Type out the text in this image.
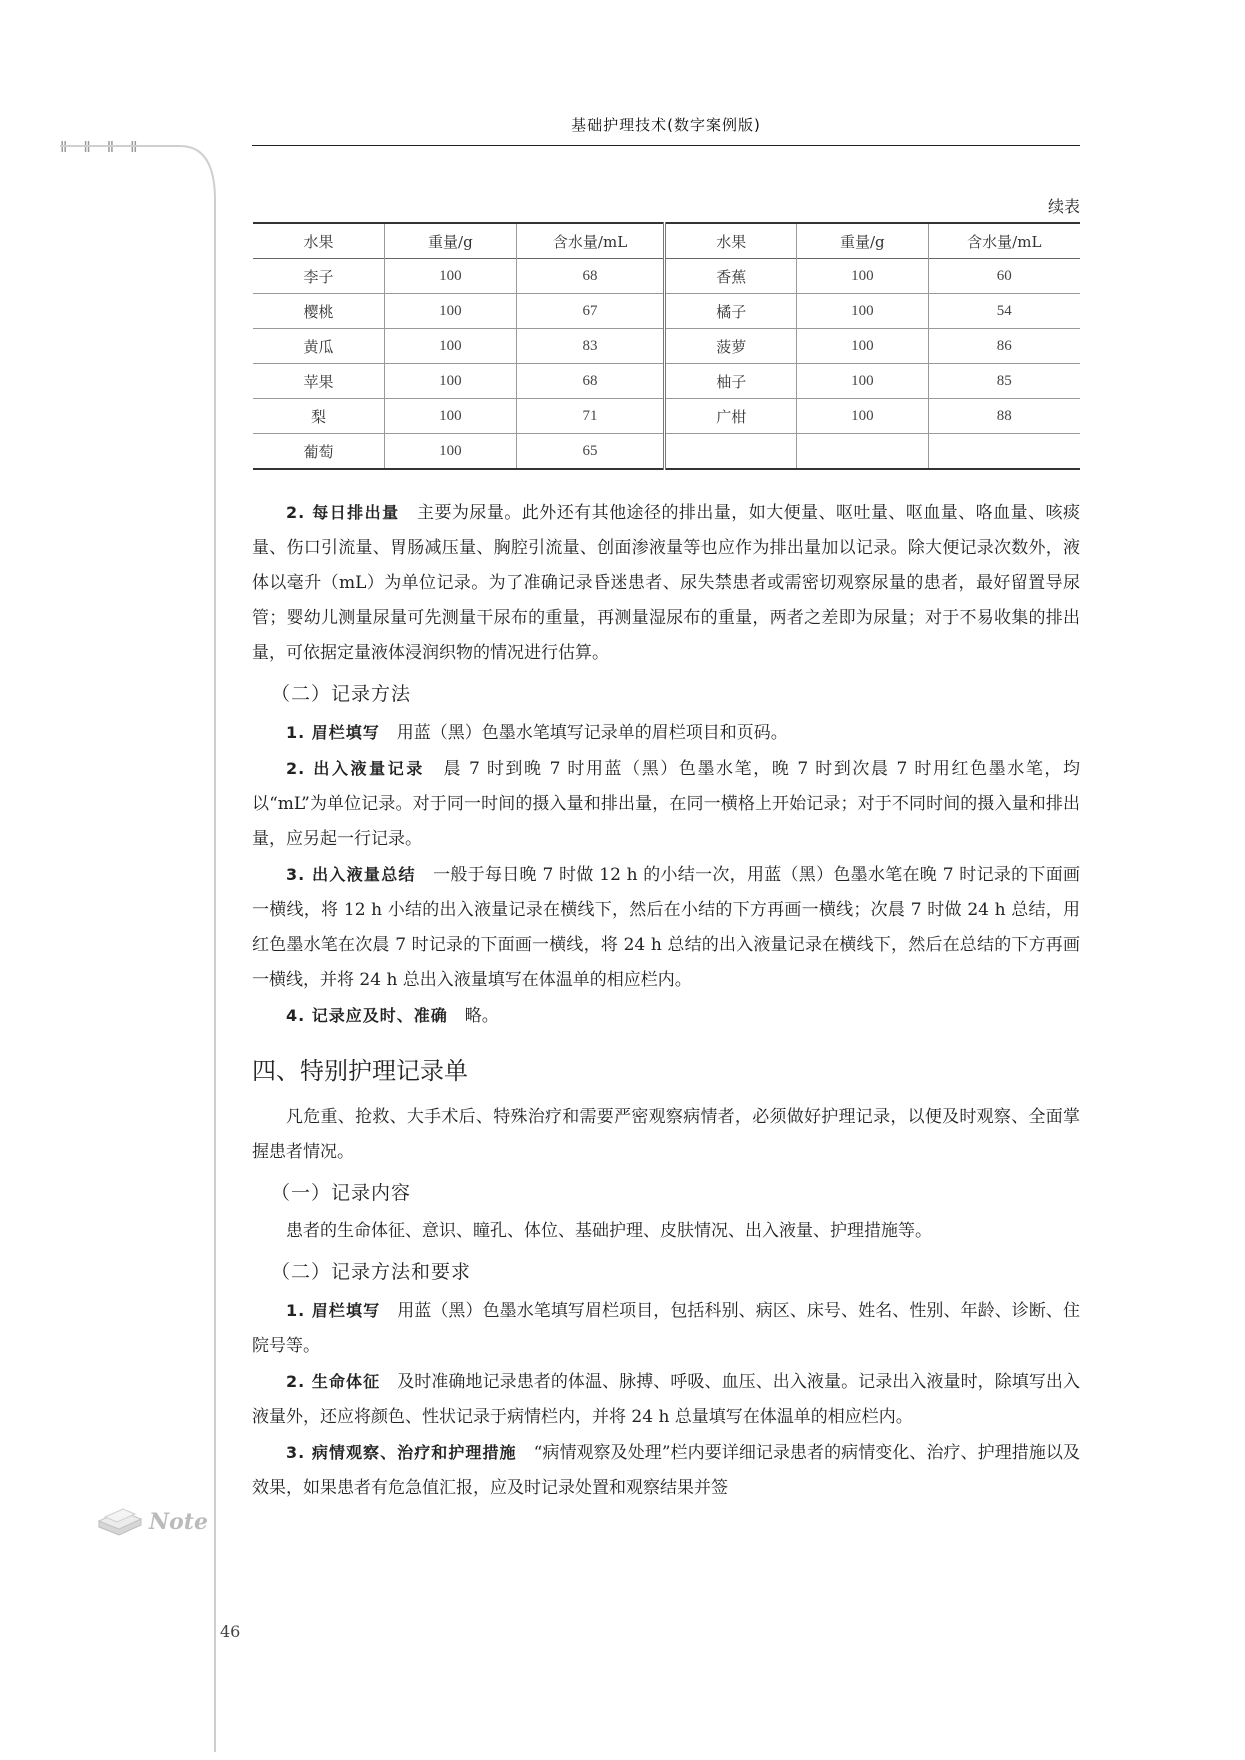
Ⅱ Ⅱ Ⅱ Ⅱ
基础护理技术(数字案例版)
续表
水果	重量/g	含水量/mL	水果	重量/g	含水量/mL
李子	100	68	香蕉	100	60
樱桃	100	67	橘子	100	54
黄瓜	100	83	菠萝	100	86
苹果	100	68	柚子	100	85
梨	100	71	广柑	100	88
葡萄	100	65			

2. 每日排出量　 主要为尿量。此外还有其他途径的排出量，如大便量、呕吐量、呕血量、咯血量、咳痰量、伤口引流量、胃肠减压量、胸腔引流量、创面渗液量等也应作为排出量加以记录。除大便记录次数外，液体以毫升（mL）为单位记录。为了准确记录昏迷患者、尿失禁患者或需密切观察尿量的患者，最好留置导尿管；婴幼儿测量尿量可先测量干尿布的重量，再测量湿尿布的重量，两者之差即为尿量；对于不易收集的排出量，可依据定量液体浸润织物的情况进行估算。

（二）记录方法

1. 眉栏填写　 用蓝（黑）色墨水笔填写记录单的眉栏项目和页码。

2. 出入液量记录　 晨 7 时到晚 7 时用蓝（黑）色墨水笔，晚 7 时到次晨 7 时用红色墨水笔，均以“mL”为单位记录。对于同一时间的摄入量和排出量，在同一横格上开始记录；对于不同时间的摄入量和排出量，应另起一行记录。

3. 出入液量总结　 一般于每日晚 7 时做 12 h 的小结一次，用蓝（黑）色墨水笔在晚 7 时记录的下面画一横线，将 12 h 小结的出入液量记录在横线下，然后在小结的下方再画一横线；次晨 7 时做 24 h 总结，用红色墨水笔在次晨 7 时记录的下面画一横线，将 24 h 总结的出入液量记录在横线下，然后在总结的下方再画一横线，并将 24 h 总出入液量填写在体温单的相应栏内。

4. 记录应及时、准确　 略。

四、特别护理记录单

凡危重、抢救、大手术后、特殊治疗和需要严密观察病情者，必须做好护理记录，以便及时观察、全面掌握患者情况。

（一）记录内容

患者的生命体征、意识、瞳孔、体位、基础护理、皮肤情况、出入液量、护理措施等。

（二）记录方法和要求

1. 眉栏填写　 用蓝（黑）色墨水笔填写眉栏项目，包括科别、病区、床号、姓名、性别、年龄、诊断、住院号等。

2. 生命体征　 及时准确地记录患者的体温、脉搏、呼吸、血压、出入液量。记录出入液量时，除填写出入液量外，还应将颜色、性状记录于病情栏内，并将 24 h 总量填写在体温单的相应栏内。

3. 病情观察、治疗和护理措施　 “病情观察及处理”栏内要详细记录患者的病情变化、治疗、护理措施以及效果，如果患者有危急值汇报，应及时记录处置和观察结果并签

Note
46
